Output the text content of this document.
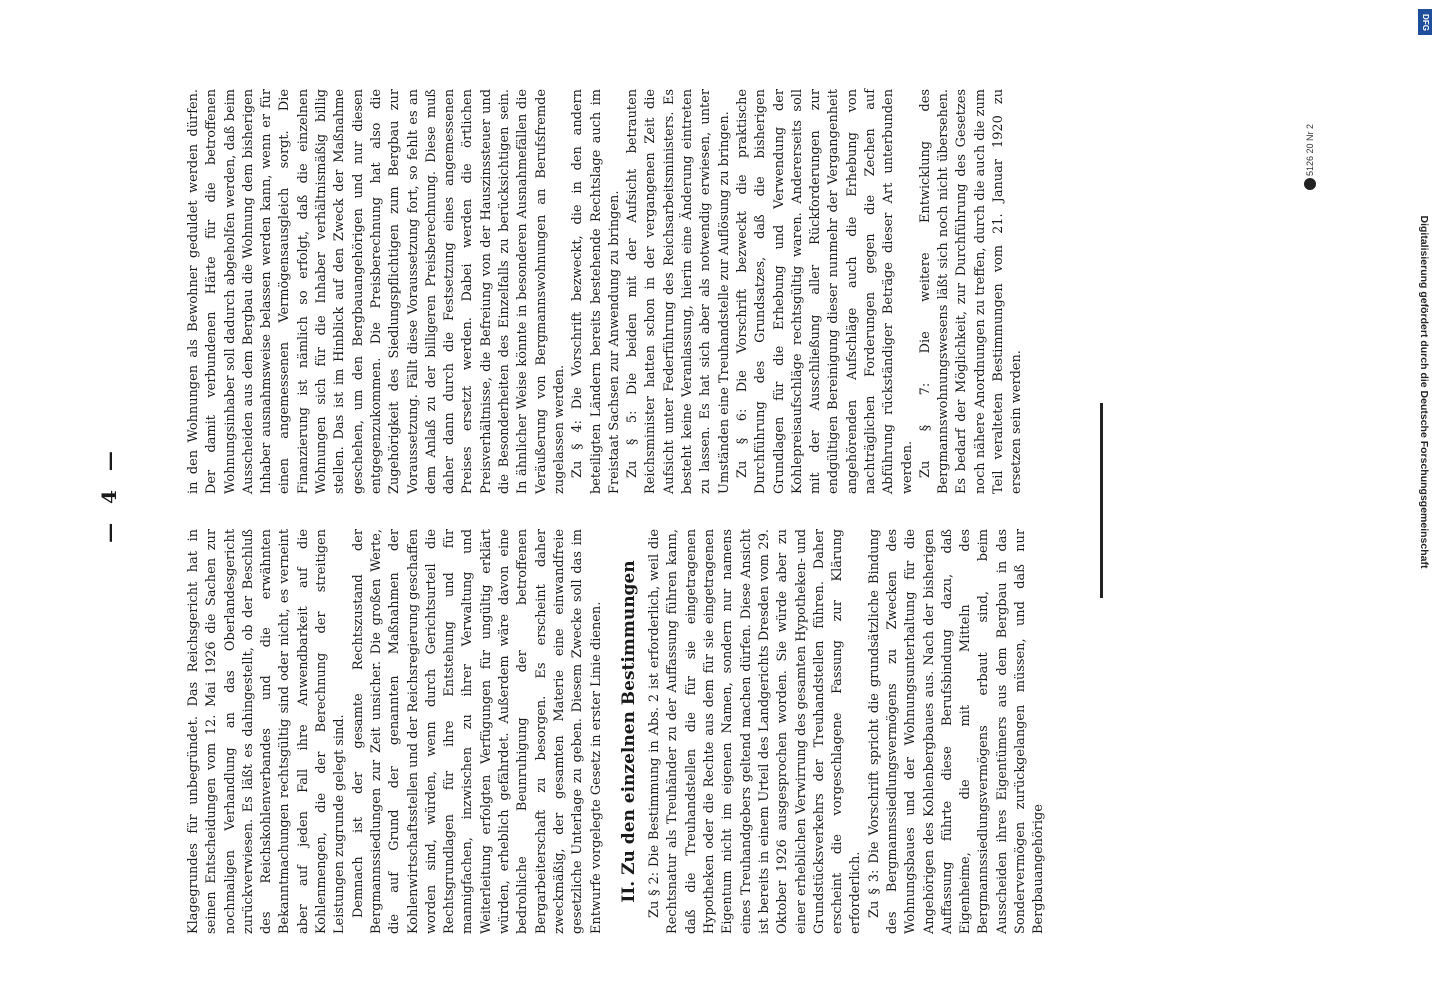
— 4 —

Klagegrundes für unbegründet. Das Reichsgericht hat in seinen Entscheidungen vom 12. Mai 1926 die Sachen zur nochmaligen Verhandlung an das Oberlandesgericht zurückverwiesen. Es läßt es dahingestellt, ob der Beschluß des Reichskohlenverbandes und die erwähnten Bekanntmachungen rechtsgültig sind oder nicht, es verneint aber auf jeden Fall ihre Anwendbarkeit auf die Kohlenmengen, die der Berechnung der streitigen Leistungen zugrunde gelegt sind. Demnach ist der gesamte Rechtszustand der Bergmannssiedlungen zur Zeit unsicher. Die großen Werte, die auf Grund der genannten Maßnahmen der Kohlenwirtschaftsstellen und der Reichsregierung geschaffen worden sind, würden, wenn durch Gerichtsurteil die Rechtsgrundlagen für ihre Entstehung und für mannigfachen, inzwischen zu ihrer Verwaltung und Weiterleitung erfolgten Verfügungen für ungültig erklärt würden, erheblich gefährdet. Außerdem wäre davon eine bedrohliche Beunruhigung der betroffenen Bergarbeiterschaft zu besorgen. Es erscheint daher zweckmäßig, der gesamten Materie eine einwandfreie gesetzliche Unterlage zu geben. Diesem Zwecke soll das im Entwurfe vorgelegte Gesetz in erster Linie dienen. II. Zu den einzelnen Bestimmungen Zu § 2: Die Bestimmung in Abs. 2 ist erforderlich, weil die Rechtsnatur als Treuhänder zu der Auffassung führen kann, daß die Treuhandstellen die für sie eingetragenen Hypotheken oder die Rechte aus dem für sie eingetragenen Eigentum nicht im eigenen Namen, sondern nur namens eines Treuhandgebers geltend machen dürfen. Diese Ansicht ist bereits in einem Urteil des Landgerichts Dresden vom 29. Oktober 1926 ausgesprochen worden. Sie würde aber zu einer erheblichen Verwirrung des gesamten Hypotheken- und Grundstücksverkehrs der Treuhandstellen führen. Daher erscheint die vorgeschlagene Fassung zur Klärung erforderlich. Zu § 3: Die Vorschrift spricht die grundsätzliche Bindung des Bergmannssiedlungsvermögens zu Zwecken des Wohnungsbaues und der Wohnungsunterhaltung für die Angehörigen des Kohlenbergbaues aus. Nach der bisherigen Auffassung führte diese Berufsbindung dazu, daß Eigenheime, die mit Mitteln des Bergmannssiedlungsvermögens erbaut sind, beim Ausscheiden ihres Eigentümers aus dem Bergbau in das Sondervermögen zurückgelangen müssen, und daß nur Bergbauangehörige

in den Wohnungen als Bewohner geduldet werden dürfen. Der damit verbundenen Härte für die betroffenen Wohnungsinhaber soll dadurch abgeholfen werden, daß beim Ausscheiden aus dem Bergbau die Wohnung dem bisherigen Inhaber ausnahmsweise belassen werden kann, wenn er für einen angemessenen Vermögensausgleich sorgt. Die Finanzierung ist nämlich so erfolgt, daß die einzelnen Wohnungen sich für die Inhaber verhältnismäßig billig stellen. Das ist im Hinblick auf den Zweck der Maßnahme geschehen, um den Bergbauangehörigen und nur diesen entgegenzukommen. Die Preisberechnung hat also die Zugehörigkeit des Siedlungspflichtigen zum Bergbau zur Voraussetzung. Fällt diese Voraussetzung fort, so fehlt es an dem Anlaß zu der billigeren Preisberechnung. Diese muß daher dann durch die Festsetzung eines angemessenen Preises ersetzt werden. Dabei werden die örtlichen Preisverhältnisse, die Befreiung von der Hauszinssteuer und die Besonderheiten des Einzelfalls zu berücksichtigen sein. In ähnlicher Weise könnte in besonderen Ausnahmefällen die Veräußerung von Bergmannswohnungen an Berufsfremde zugelassen werden. Zu § 4: Die Vorschrift bezweckt, die in den andern beteiligten Ländern bereits bestehende Rechtslage auch im Freistaat Sachsen zur Anwendung zu bringen. Zu § 5: Die beiden mit der Aufsicht betrauten Reichsminister hatten schon in der vergangenen Zeit die Aufsicht unter Federführung des Reichsarbeitsministers. Es besteht keine Veranlassung, hierin eine Änderung eintreten zu lassen. Es hat sich aber als notwendig erwiesen, unter Umständen eine Treuhandstelle zur Auflösung zu bringen. Zu § 6: Die Vorschrift bezweckt die praktische Durchführung des Grundsatzes, daß die bisherigen Grundlagen für die Erhebung und Verwendung der Kohlepreisaufschläge rechtsgültig waren. Andererseits soll mit der Ausschließung aller Rückforderungen zur endgültigen Bereinigung dieser nunmehr der Vergangenheit angehörenden Aufschläge auch die Erhebung von nachträglichen Forderungen gegen die Zechen auf Abführung rückständiger Beträge dieser Art unterbunden werden. Zu § 7: Die weitere Entwicklung des Bergmannswohnungswesens läßt sich noch nicht übersehen. Es bedarf der Möglichkeit, zur Durchführung des Gesetzes noch nähere Anordnungen zu treffen, durch die auch die zum Teil veralteten Bestimmungen vom 21. Januar 1920 zu ersetzen sein werden.

5126 20 Nr 2
DFG
Digitalisierung gefördert durch die Deutsche Forschungsgemeinschaft
